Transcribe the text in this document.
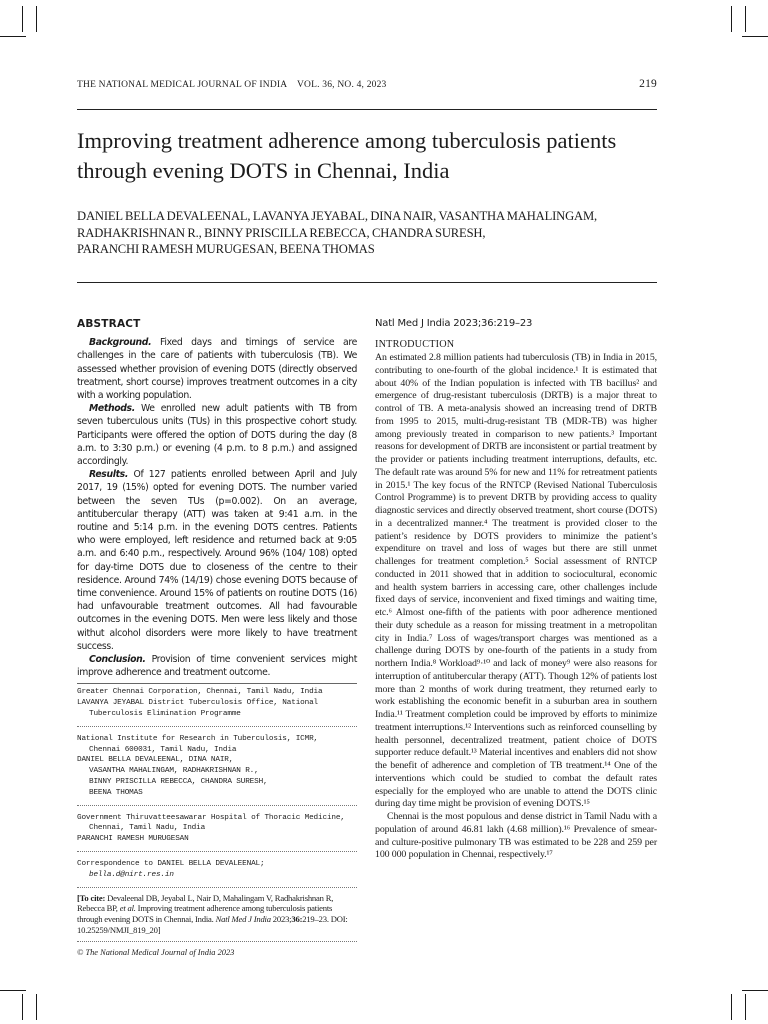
THE NATIONAL MEDICAL JOURNAL OF INDIA VOL. 36, NO. 4, 2023	219
Improving treatment adherence among tuberculosis patients
through evening DOTS in Chennai, India
DANIEL BELLA DEVALEENAL, LAVANYA JEYABAL, DINA NAIR, VASANTHA MAHALINGAM,
RADHAKRISHNAN R., BINNY PRISCILLA REBECCA, CHANDRA SURESH,
PARANCHI RAMESH MURUGESAN, BEENA THOMAS
ABSTRACT

Background. Fixed days and timings of service are challenges in the care of patients with tuberculosis (TB). We assessed whether provision of evening DOTS (directly observed treatment, short course) improves treatment outcomes in a city with a working population.

Methods. We enrolled new adult patients with TB from seven tuberculous units (TUs) in this prospective cohort study. Participants were offered the option of DOTS during the day (8 a.m. to 3:30 p.m.) or evening (4 p.m. to 8 p.m.) and assigned accordingly.

Results. Of 127 patients enrolled between April and July 2017, 19 (15%) opted for evening DOTS. The number varied between the seven TUs (p=0.002). On an average, antitubercular therapy (ATT) was taken at 9:41 a.m. in the routine and 5:14 p.m. in the evening DOTS centres. Patients who were employed, left residence and returned back at 9:05 a.m. and 6:40 p.m., respectively. Around 96% (104/ 108) opted for day-time DOTS due to closeness of the centre to their residence. Around 74% (14/19) chose evening DOTS because of time convenience. Around 15% of patients on routine DOTS (16) had unfavourable treatment outcomes. All had favourable outcomes in the evening DOTS. Men were less likely and those withut alcohol disorders were more likely to have treatment success.

Conclusion. Provision of time convenient services might improve adherence and treatment outcome.

Greater Chennai Corporation, Chennai, Tamil Nadu, India
LAVANYA JEYABAL District Tuberculosis Office, National
Tuberculosis Elimination Programme
National Institute for Research in Tuberculosis, ICMR,
Chennai 600031, Tamil Nadu, India
DANIEL BELLA DEVALEENAL, DINA NAIR,
VASANTHA MAHALINGAM, RADHAKRISHNAN R.,
BINNY PRISCILLA REBECCA, CHANDRA SURESH,
BEENA THOMAS
Government Thiruvatteesawarar Hospital of Thoracic Medicine,
Chennai, Tamil Nadu, India
PARANCHI RAMESH MURUGESAN
Correspondence to DANIEL BELLA DEVALEENAL;
bella.d@nirt.res.in
[To cite: Devaleenal DB, Jeyabal L, Nair D, Mahalingam V, Radhakrishnan R, Rebecca BP, et al. Improving treatment adherence among tuberculosis patients through evening DOTS in Chennai, India. Natl Med J India 2023;36:219–23. DOI: 10.25259/NMJI_819_20]
© The National Medical Journal of India 2023
Natl Med J India 2023;36:219–23
INTRODUCTION

An estimated 2.8 million patients had tuberculosis (TB) in India in 2015, contributing to one-fourth of the global incidence.¹ It is estimated that about 40% of the Indian population is infected with TB bacillus² and emergence of drug-resistant tuberculosis (DRTB) is a major threat to control of TB. A meta-analysis showed an increasing trend of DRTB from 1995 to 2015, multi-drug-resistant TB (MDR-TB) was higher among previously treated in comparison to new patients.³ Important reasons for development of DRTB are inconsistent or partial treatment by the provider or patients including treatment interruptions, defaults, etc. The default rate was around 5% for new and 11% for retreatment patients in 2015.¹ The key focus of the RNTCP (Revised National Tuberculosis Control Programme) is to prevent DRTB by providing access to quality diagnostic services and directly observed treatment, short course (DOTS) in a decentralized manner.⁴ The treatment is provided closer to the patient’s residence by DOTS providers to minimize the patient’s expenditure on travel and loss of wages but there are still unmet challenges for treatment completion.⁵ Social assessment of RNTCP conducted in 2011 showed that in addition to sociocultural, economic and health system barriers in accessing care, other challenges include fixed days of service, inconvenient and fixed timings and waiting time, etc.⁶ Almost one-fifth of the patients with poor adherence mentioned their duty schedule as a reason for missing treatment in a metropolitan city in India.⁷ Loss of wages/transport charges was mentioned as a challenge during DOTS by one-fourth of the patients in a study from northern India.⁸ Workload⁹·¹⁰ and lack of money⁹ were also reasons for interruption of antitubercular therapy (ATT). Though 12% of patients lost more than 2 months of work during treatment, they returned early to work establishing the economic benefit in a suburban area in southern India.¹¹ Treatment completion could be improved by efforts to minimize treatment interruptions.¹² Interventions such as reinforced counselling by health personnel, decentralized treatment, patient choice of DOTS supporter reduce default.¹³ Material incentives and enablers did not show the benefit of adherence and completion of TB treatment.¹⁴ One of the interventions which could be studied to combat the default rates especially for the employed who are unable to attend the DOTS clinic during day time might be provision of evening DOTS.¹⁵

Chennai is the most populous and dense district in Tamil Nadu with a population of around 46.81 lakh (4.68 million).¹⁶ Prevalence of smear- and culture-positive pulmonary TB was estimated to be 228 and 259 per 100 000 population in Chennai, respectively.¹⁷
